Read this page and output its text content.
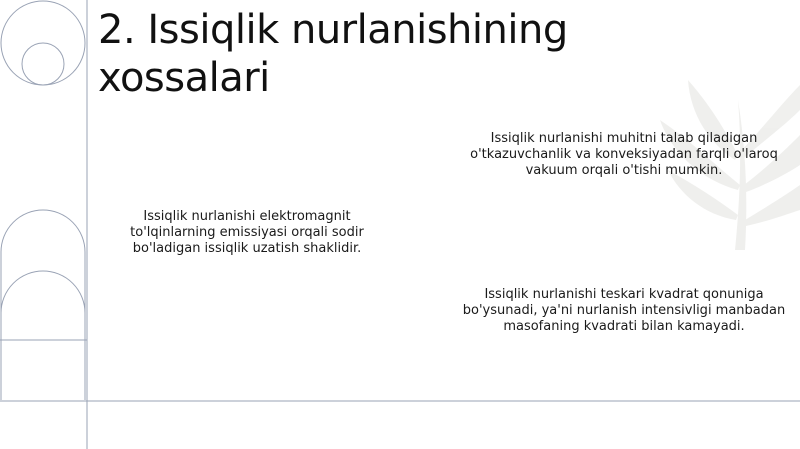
2. Issiqlik nurlanishining xossalari

Issiqlik nurlanishi elektromagnit to'lqinlarning emissiyasi orqali sodir bo'ladigan issiqlik uzatish shaklidir.

Issiqlik nurlanishi muhitni talab qiladigan o'tkazuvchanlik va konveksiyadan farqli o'laroq vakuum orqali o'tishi mumkin.

Issiqlik nurlanishi teskari kvadrat qonuniga bo'ysunadi, ya'ni nurlanish intensivligi manbadan masofaning kvadrati bilan kamayadi.
